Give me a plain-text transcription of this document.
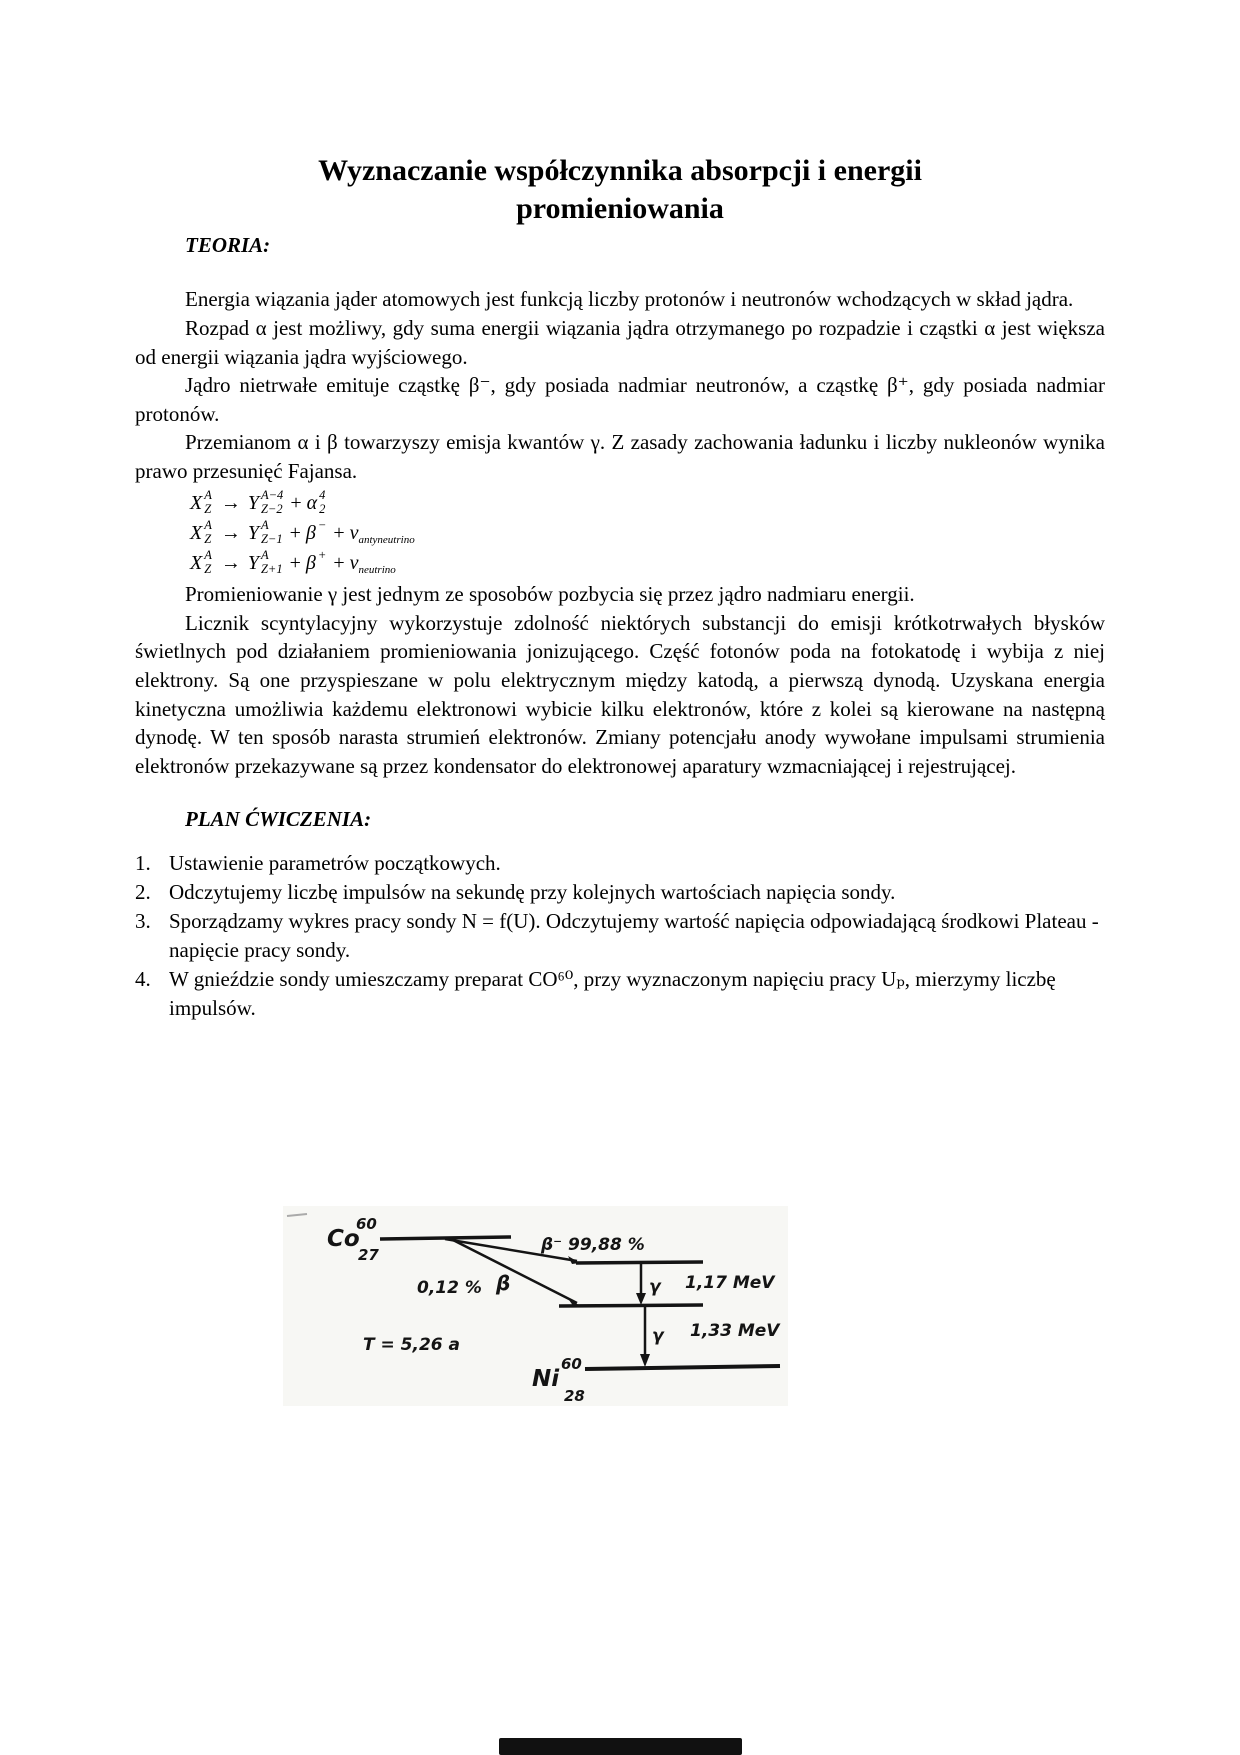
Wyznaczanie współczynnika absorpcji i energii
promieniowania
TEORIA:

Energia wiązania jąder atomowych jest funkcją liczby protonów i neutronów wchodzących w skład jądra.

Rozpad α jest możliwy, gdy suma energii wiązania jądra otrzymanego po rozpadzie i cząstki α jest większa od energii wiązania jądra wyjściowego.

Jądro nietrwałe emituje cząstkę β⁻, gdy posiada nadmiar neutronów, a cząstkę β⁺, gdy posiada nadmiar protonów.

Przemianom α i β towarzyszy emisja kwantów γ. Z zasady zachowania ładunku i liczby nukleonów wynika prawo przesunięć Fajansa.

X A
Z → Y A−4
Z−2 + α 4
2
X A
Z → Y A
Z−1 + β − + ν antyneutrino
X A
Z → Y A
Z+1 + β + + ν neutrino

Promieniowanie γ jest jednym ze sposobów pozbycia się przez jądro nadmiaru energii.

Licznik scyntylacyjny wykorzystuje zdolność niektórych substancji do emisji krótkotrwałych błysków świetlnych pod działaniem promieniowania jonizującego. Część fotonów poda na fotokatodę i wybija z niej elektrony. Są one przyspieszane w polu elektrycznym między katodą, a pierwszą dynodą. Uzyskana energia kinetyczna umożliwia każdemu elektronowi wybicie kilku elektronów, które z kolei są kierowane na następną dynodę. W ten sposób narasta strumień elektronów. Zmiany potencjału anody wywołane impulsami strumienia elektronów przekazywane są przez kondensator do elektronowej aparatury wzmacniającej i rejestrującej.

PLAN ĆWICZENIA:
1. Ustawienie parametrów początkowych.
2. Odczytujemy liczbę impulsów na sekundę przy kolejnych wartościach napięcia sondy.
3. Sporządzamy wykres pracy sondy N = f(U). Odczytujemy wartość napięcia odpowiadającą środkowi Plateau - napięcie pracy sondy.
4. W gnieździe sondy umieszczamy preparat CO⁶⁰, przy wyznaczonym napięciu pracy Uₚ, mierzymy liczbę impulsów.
Co
60
27	β⁻ 99,88 %
0,12 % β
T = 5,26 a
γ 1,17 MeV
γ 1,33 MeV
Ni
60
28
